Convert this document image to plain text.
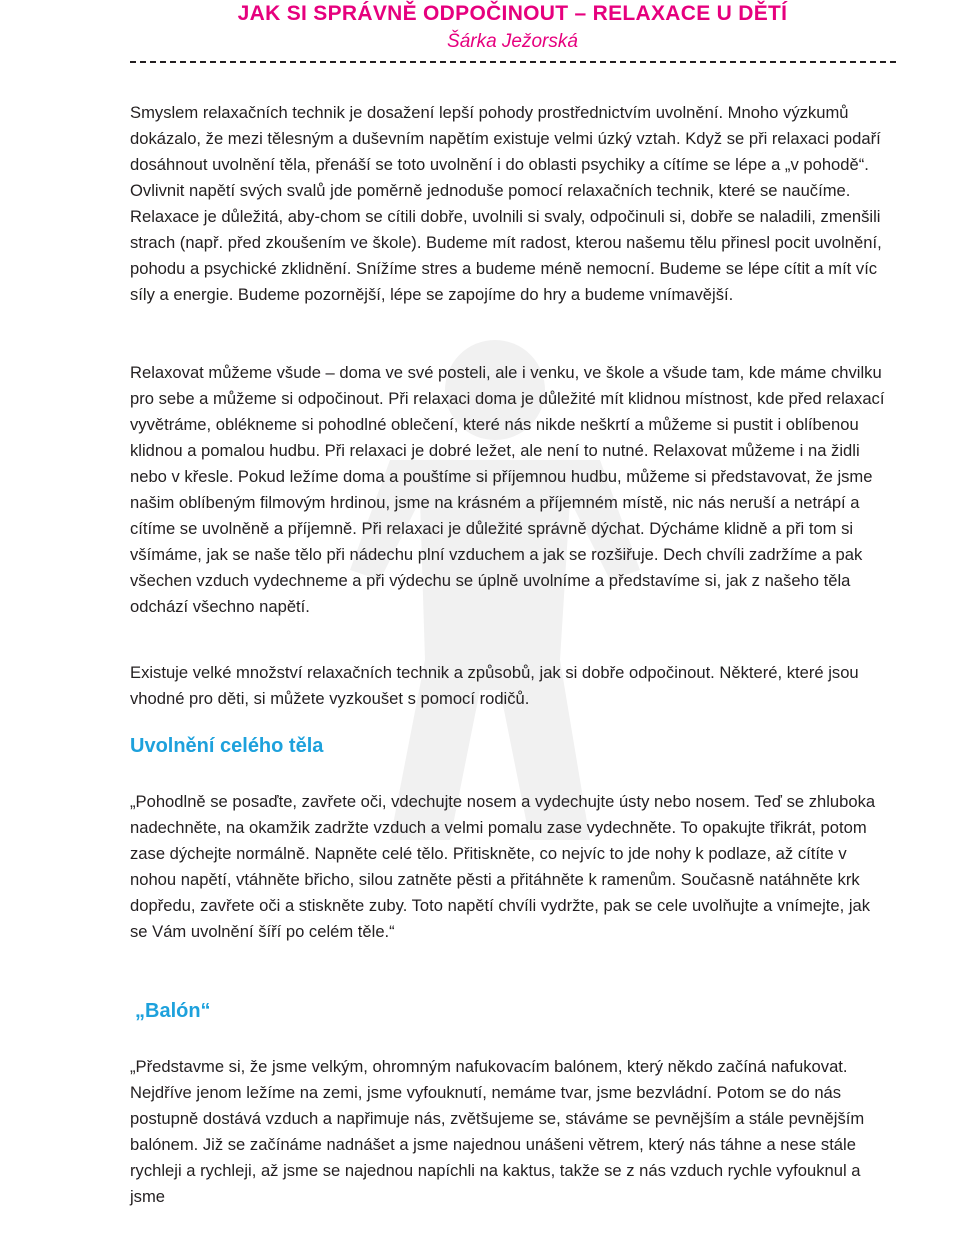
JAK SI SPRÁVNĚ ODPOČINOUT – RELAXACE U DĚTÍ
Šárka Ježorská

Smyslem relaxačních technik je dosažení lepší pohody prostřednictvím uvolnění. Mnoho výzkumů dokázalo, že mezi tělesným a duševním napětím existuje velmi úzký vztah. Když se při relaxaci podaří dosáhnout uvolnění těla, přenáší se toto uvolnění i do oblasti psychiky a cítíme se lépe a „v pohodě“. Ovlivnit napětí svých svalů jde poměrně jednoduše pomocí relaxačních technik, které se naučíme. Relaxace je důležitá, aby-chom se cítili dobře, uvolnili si svaly, odpočinuli si, dobře se naladili, zmenšili strach (např. před zkoušením ve škole). Budeme mít radost, kterou našemu tělu přinesl pocit uvolnění, pohodu a psychické zklidnění. Snížíme stres a budeme méně nemocní. Budeme se lépe cítit a mít víc síly a energie. Budeme pozornější, lépe se zapojíme do hry a budeme vnímavější.

Relaxovat můžeme všude – doma ve své posteli, ale i venku, ve škole a všude tam, kde máme chvilku pro sebe a můžeme si odpočinout. Při relaxaci doma je důležité mít klidnou místnost, kde před relaxací vyvětráme, oblékneme si pohodlné oblečení, které nás nikde neškrtí a můžeme si pustit i oblíbenou klidnou a pomalou hudbu. Při relaxaci je dobré ležet, ale není to nutné. Relaxovat můžeme i na židli nebo v křesle. Pokud ležíme doma a pouštíme si příjemnou hudbu, můžeme si představovat, že jsme našim oblíbeným filmovým hrdinou, jsme na krásném a příjemném místě, nic nás neruší a netrápí a cítíme se uvolněně a příjemně. Při relaxaci je důležité správně dýchat. Dýcháme klidně a při tom si všímáme, jak se naše tělo při nádechu plní vzduchem a jak se rozšiřuje. Dech chvíli zadržíme a pak všechen vzduch vydechneme a při výdechu se úplně uvolníme a představíme si, jak z našeho těla odchází všechno napětí.

Existuje velké množství relaxačních technik a způsobů, jak si dobře odpočinout. Některé, které jsou vhodné pro děti, si můžete vyzkoušet s pomocí rodičů.

Uvolnění celého těla

„Pohodlně se posaďte, zavřete oči, vdechujte nosem a vydechujte ústy nebo nosem. Teď se zhluboka nadechněte, na okamžik zadržte vzduch a velmi pomalu zase vydechněte. To opakujte třikrát, potom zase dýchejte normálně. Napněte celé tělo. Přitiskněte, co nejvíc to jde nohy k podlaze, až cítíte v nohou napětí, vtáhněte břicho, silou zatněte pěsti a přitáhněte k ramenům. Současně natáhněte krk dopředu, zavřete oči a stiskněte zuby. Toto napětí chvíli vydržte, pak se cele uvolňujte a vnímejte, jak se Vám uvolnění šíří po celém těle.“

„Balón“

„Představme si, že jsme velkým, ohromným nafukovacím balónem, který někdo začíná nafukovat. Nejdříve jenom ležíme na zemi, jsme vyfouknutí, nemáme tvar, jsme bezvládní. Potom se do nás postupně dostává vzduch a napřimuje nás, zvětšujeme se, stáváme se pevnějším a stále pevnějším balónem. Již se začínáme nadnášet a jsme najednou unášeni větrem, který nás táhne a nese stále rychleji a rychleji, až jsme se najednou napíchli na kaktus, takže se z nás vzduch rychle vyfouknul a jsme
